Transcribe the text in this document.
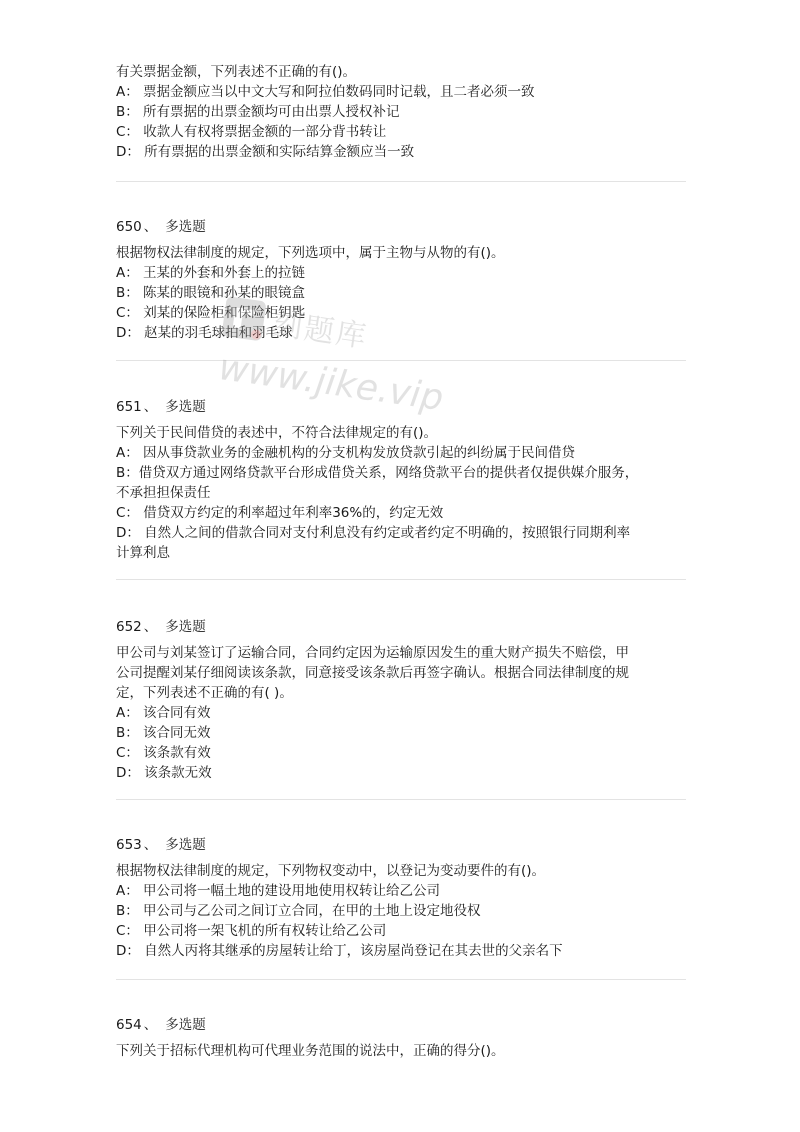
有关票据金额，下列表述不正确的有()。
A： 票据金额应当以中文大写和阿拉伯数码同时记载，且二者必须一致
B： 所有票据的出票金额均可由出票人授权补记
C： 收款人有权将票据金额的一部分背书转让
D： 所有票据的出票金额和实际结算金额应当一致
650 、 多选题
根据物权法律制度的规定，下列选项中，属于主物与从物的有()。
A： 王某的外套和外套上的拉链
B： 陈某的眼镜和孙某的眼镜盒
C： 刘某的保险柜和保险柜钥匙
D： 赵某的羽毛球拍和羽毛球
651 、 多选题
下列关于民间借贷的表述中，不符合法律规定的有()。
A： 因从事贷款业务的金融机构的分支机构发放贷款引起的纠纷属于民间借贷
B：借贷双方通过网络贷款平台形成借贷关系，网络贷款平台的提供者仅提供媒介服务，
不承担担保责任
C： 借贷双方约定的利率超过年利率36%的，约定无效
D： 自然人之间的借款合同对支付利息没有约定或者约定不明确的，按照银行同期利率
计算利息
652 、 多选题
甲公司与刘某签订了运输合同，合同约定因为运输原因发生的重大财产损失不赔偿，甲
公司提醒刘某仔细阅读该条款，同意接受该条款后再签字确认。根据合同法律制度的规
定，下列表述不正确的有( )。
A： 该合同有效
B： 该合同无效
C： 该条款有效
D： 该条款无效
653 、 多选题
根据物权法律制度的规定，下列物权变动中，以登记为变动要件的有()。
A： 甲公司将一幅土地的建设用地使用权转让给乙公司
B： 甲公司与乙公司之间订立合同，在甲的土地上设定地役权
C： 甲公司将一架飞机的所有权转让给乙公司
D： 自然人丙将其继承的房屋转让给丁，该房屋尚登记在其去世的父亲名下
654 、 多选题
下列关于招标代理机构可代理业务范围的说法中，正确的得分()。
刻题库
www.jike.vip
